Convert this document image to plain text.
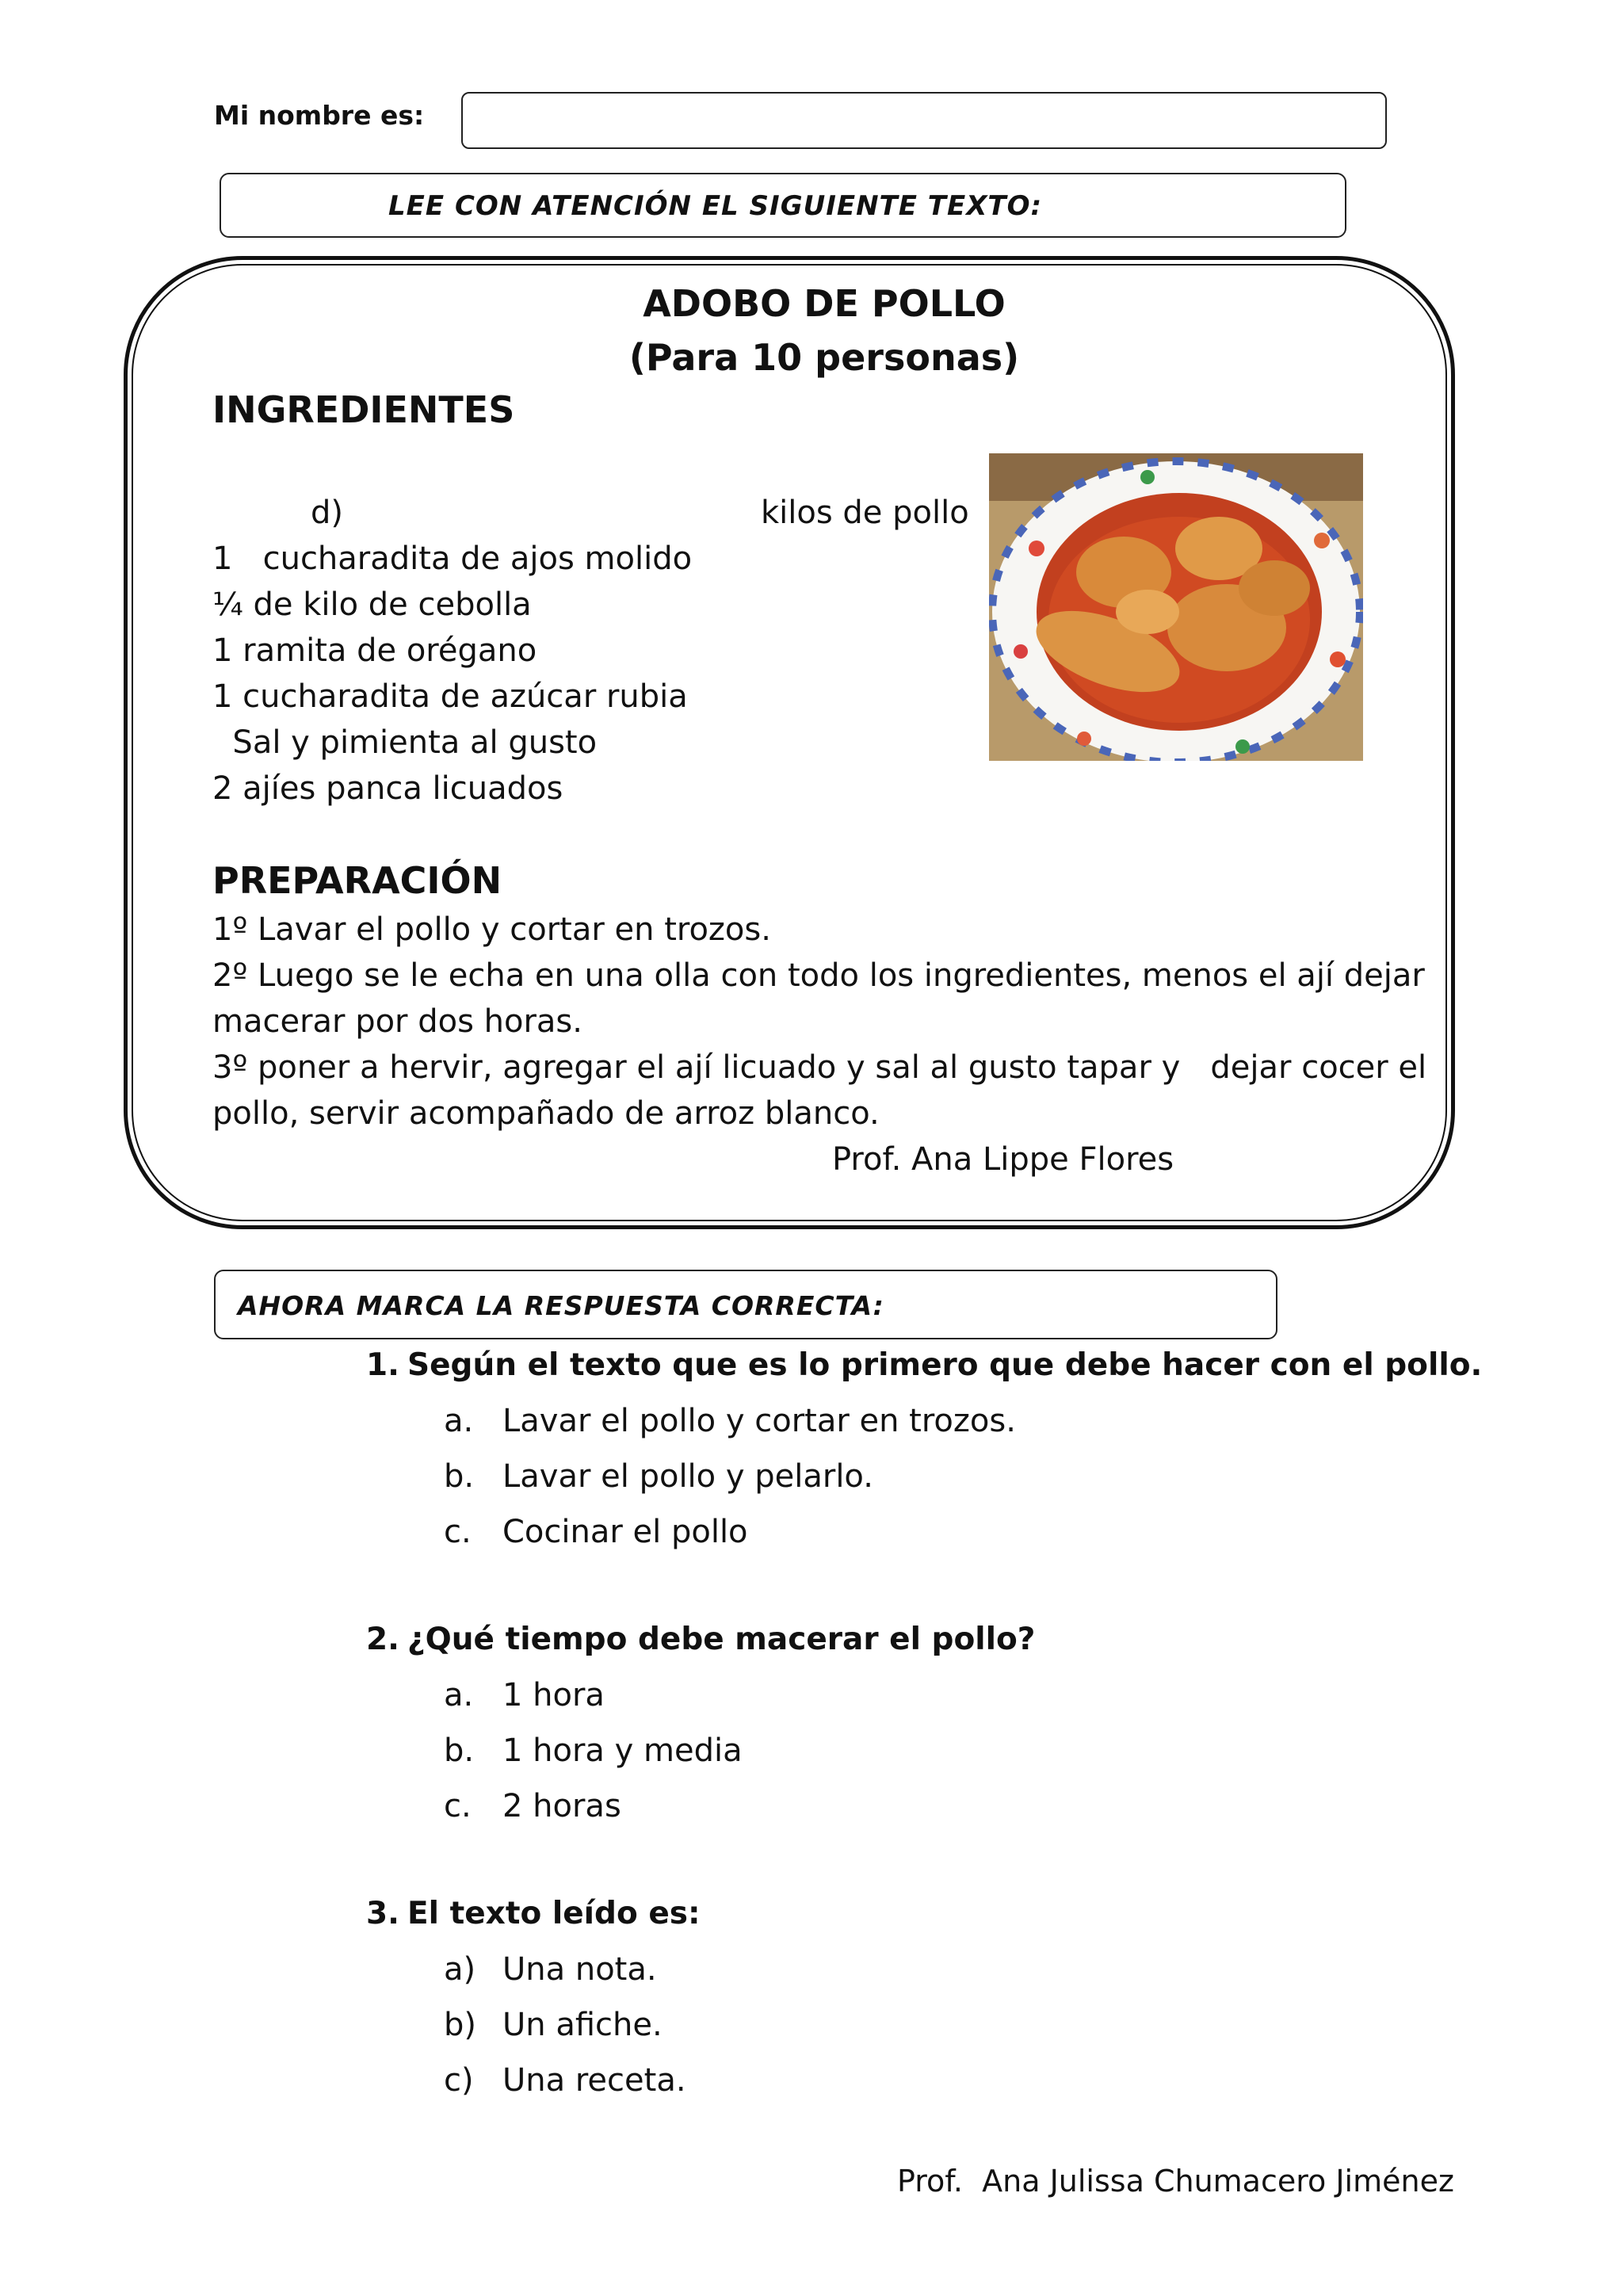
Mi nombre es:
LEE CON ATENCIÓN EL SIGUIENTE TEXTO:
ADOBO DE POLLO
(Para 10 personas)
INGREDIENTES
d)	kilos de pollo
1   cucharadita de ajos molido
¼ de kilo de cebolla
1 ramita de orégano
1 cucharadita de azúcar rubia
Sal y pimienta al gusto
2 ajíes panca licuados
PREPARACIÓN
1º Lavar el pollo y cortar en trozos.
2º Luego se le echa en una olla con todo los ingredientes, menos el ají dejar
macerar por dos horas.
3º poner a hervir, agregar el ají licuado y sal al gusto tapar y   dejar cocer el
pollo, servir acompañado de arroz blanco.
Prof. Ana Lippe Flores
AHORA MARCA LA RESPUESTA CORRECTA:
1. Según el texto que es lo primero que debe hacer con el pollo.
a. Lavar el pollo y cortar en trozos.
b. Lavar el pollo y pelarlo.
c. Cocinar el pollo
2. ¿Qué tiempo debe macerar el pollo?
a. 1 hora
b. 1 hora y media
c. 2 horas
3. El texto leído es:
a) Una nota.
b) Un afiche.
c) Una receta.
Prof.  Ana Julissa Chumacero Jiménez
